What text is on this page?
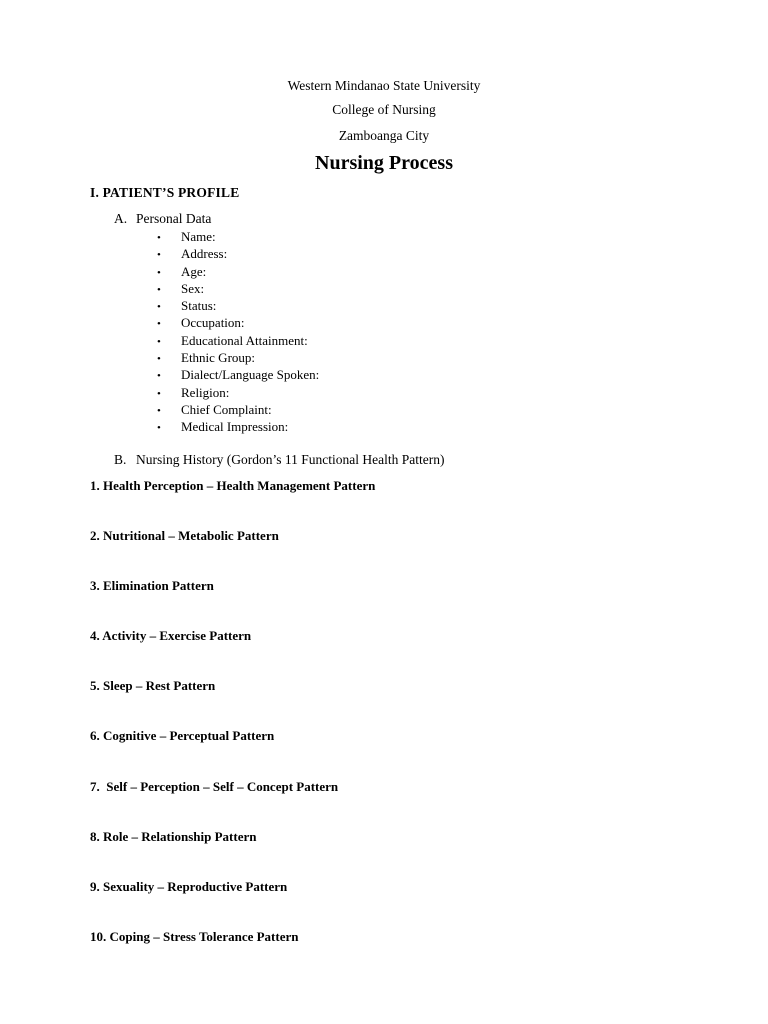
Western Mindanao State University
College of Nursing
Zamboanga City
Nursing Process
I. PATIENT’S PROFILE
A. Personal Data
• Name:
• Address:
• Age:
• Sex:
• Status:
• Occupation:
• Educational Attainment:
• Ethnic Group:
• Dialect/Language Spoken:
• Religion:
• Chief Complaint:
• Medical Impression:
B. Nursing History (Gordon’s 11 Functional Health Pattern)
1. Health Perception – Health Management Pattern
2. Nutritional – Metabolic Pattern
3. Elimination Pattern
4. Activity – Exercise Pattern
5. Sleep – Rest Pattern
6. Cognitive – Perceptual Pattern
7.  Self – Perception – Self – Concept Pattern
8. Role – Relationship Pattern
9. Sexuality – Reproductive Pattern
10. Coping – Stress Tolerance Pattern
